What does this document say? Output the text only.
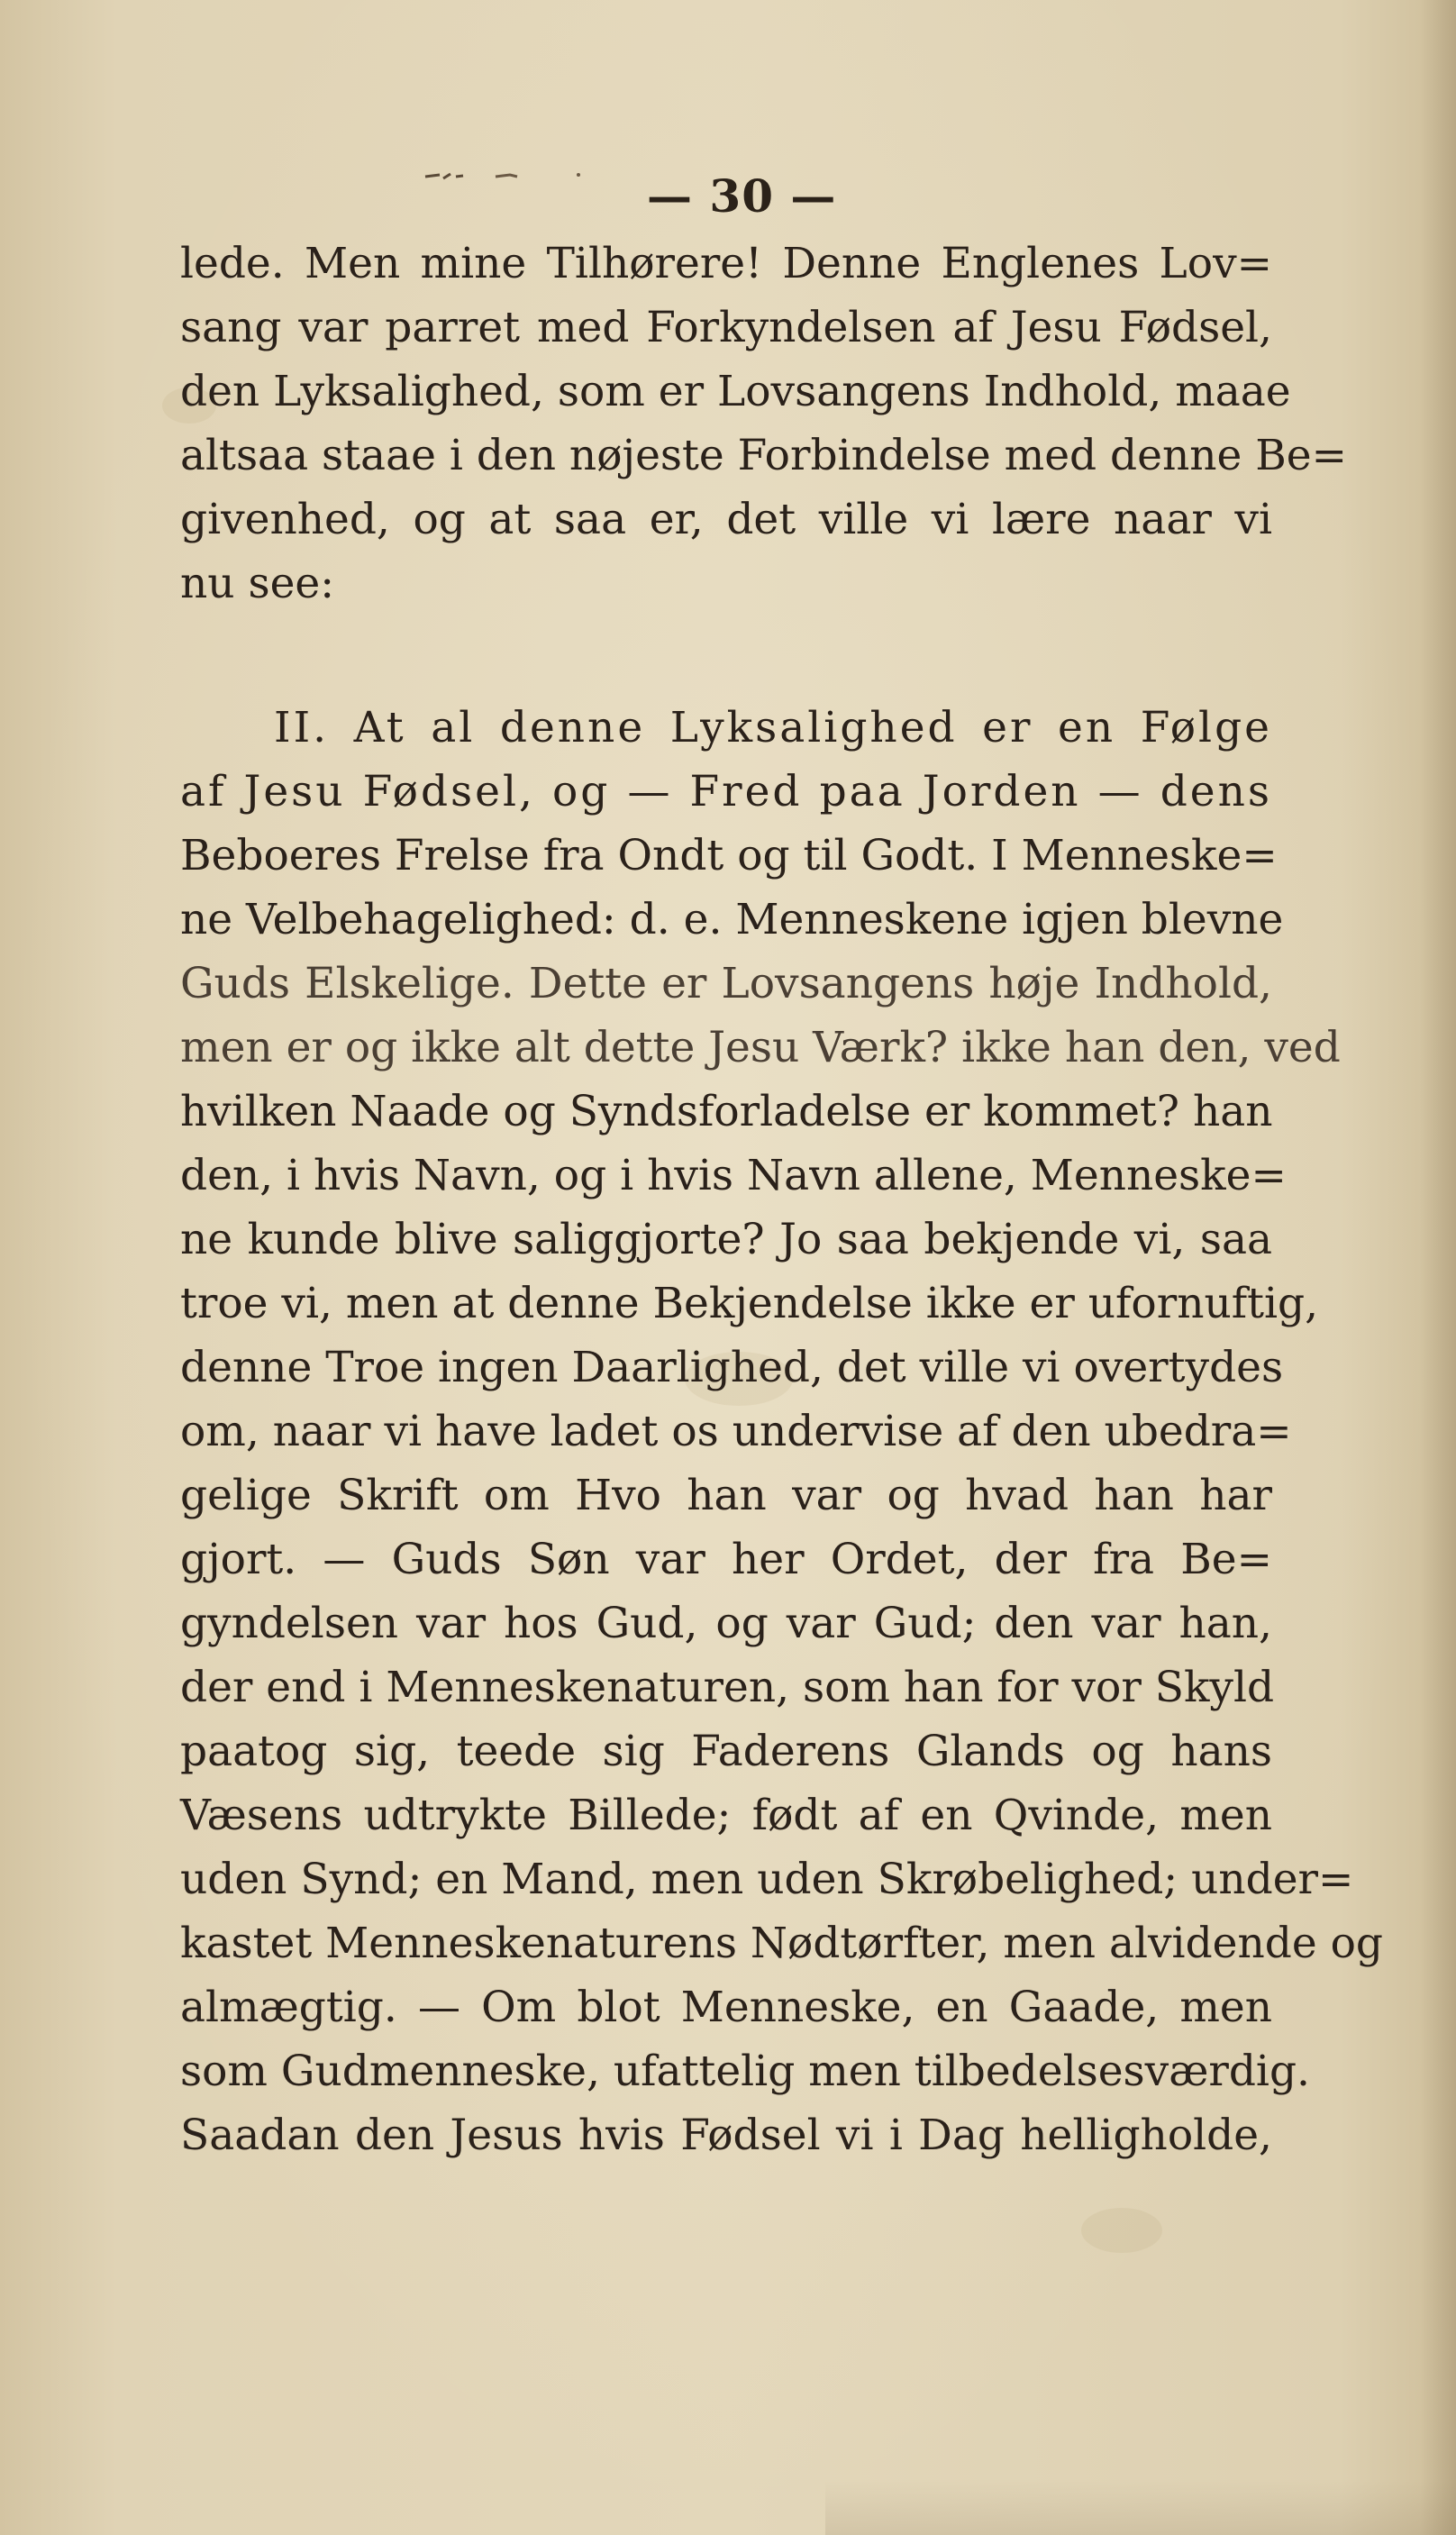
— 30 —
lede. Men mine Tilhørere! Denne Englenes Lov=
sang var parret med Forkyndelsen af Jesu Fødsel,
den Lyksalighed, som er Lovsangens Indhold, maae
altsaa staae i den nøjeste Forbindelse med denne Be=
givenhed, og at saa er, det ville vi lære naar vi
nu see:
II. At al denne Lyksalighed er en Følge
af Jesu Fødsel, og — Fred paa Jorden — dens
Beboeres Frelse fra Ondt og til Godt. I Menneske=
ne Velbehagelighed: d. e. Menneskene igjen blevne
Guds Elskelige. Dette er Lovsangens høje Indhold,
men er og ikke alt dette Jesu Værk? ikke han den, ved
hvilken Naade og Syndsforladelse er kommet? han
den, i hvis Navn, og i hvis Navn allene, Menneske=
ne kunde blive saliggjorte? Jo saa bekjende vi, saa
troe vi, men at denne Bekjendelse ikke er ufornuftig,
denne Troe ingen Daarlighed, det ville vi overtydes
om, naar vi have ladet os undervise af den ubedra=
gelige Skrift om Hvo han var og hvad han har
gjort. — Guds Søn var her Ordet, der fra Be=
gyndelsen var hos Gud, og var Gud; den var han,
der end i Menneskenaturen, som han for vor Skyld
paatog sig, teede sig Faderens Glands og hans
Væsens udtrykte Billede; født af en Qvinde, men
uden Synd; en Mand, men uden Skrøbelighed; under=
kastet Menneskenaturens Nødtørfter, men alvidende og
almægtig. — Om blot Menneske, en Gaade, men
som Gudmenneske, ufattelig men tilbedelsesværdig.
Saadan den Jesus hvis Fødsel vi i Dag helligholde,
